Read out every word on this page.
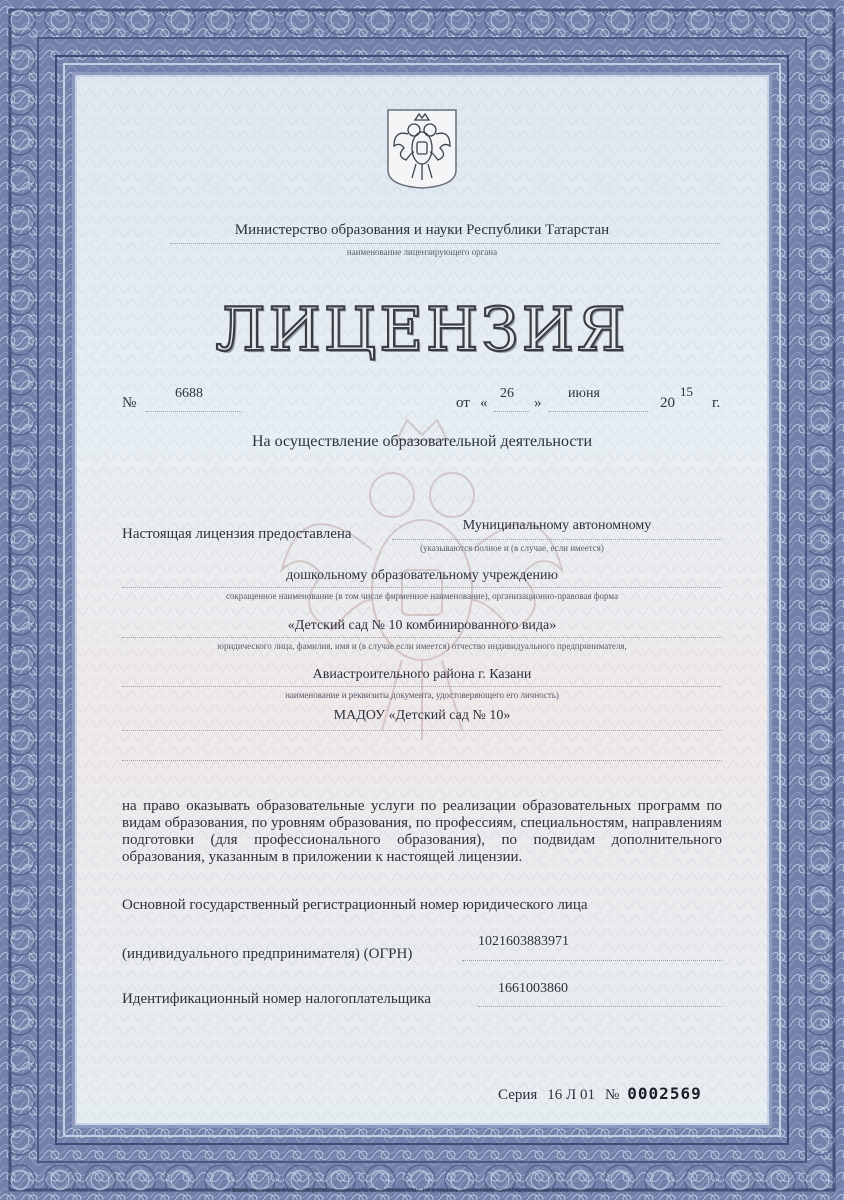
Министерство образования и науки Республики Татарстан
наименование лицензирующего органа
ЛИЦЕНЗИЯ
№
6688
от «
26
»
июня
20
15
г.
На осуществление образовательной деятельности
Настоящая лицензия предоставлена
Муниципальному автономному
(указываются полное и (в случае, если имеется)
дошкольному образовательному учреждению
сокращенное наименование (в том числе фирменное наименование), организационно-правовая форма
«Детский сад № 10 комбинированного вида»
юридического лица, фамилия, имя и (в случае если имеется) отчество индивидуального предпринимателя,
Авиастроительного района г. Казани
наименование и реквизиты документа, удостоверяющего его личность)
МАДОУ «Детский сад № 10»
на право оказывать образовательные услуги по реализации образовательных программ по видам образования, по уровням образования, по профессиям, специальностям, направлениям подготовки (для профессионального образования), по подвидам дополнительного образования, указанным в приложении к настоящей лицензии.
Основной государственный регистрационный номер юридического лица
(индивидуального предпринимателя) (ОГРН)
1021603883971
Идентификационный номер налогоплательщика
1661003860
Серия 16 Л 01 № 0002569
Бланк изготовлен ЗАО «ОПЦИОН» (лицензия № 05-05-09/003 ФНС РФ), уровень А, тел. (495) 726-4742, г.Москва, 2014 г. www.opcion.ru
